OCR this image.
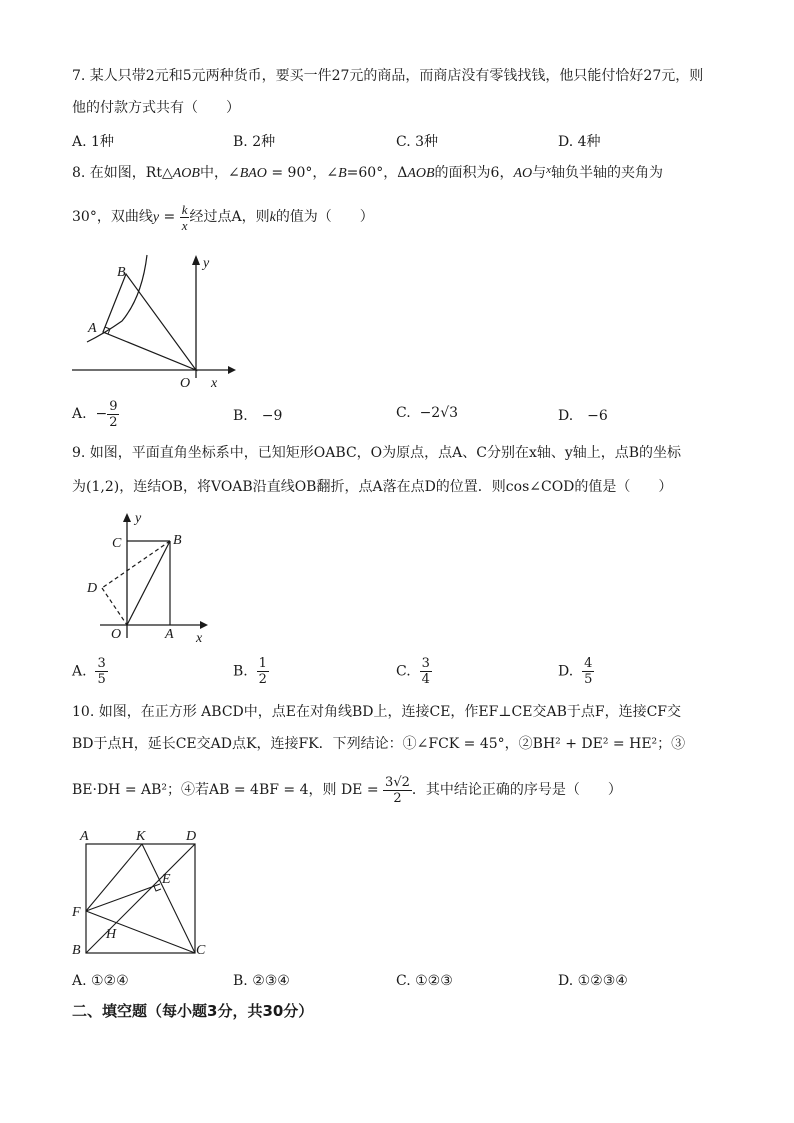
7. 某人只带2元和5元两种货币，要买一件27元的商品，而商店没有零钱找钱，他只能付恰好27元，则
他的付款方式共有（　　）
A. 1种	B. 2种	C. 3种	D. 4种
8. 在如图，Rt△AOB中，∠BAO = 90°，∠B=60°，ΔAOB的面积为6，AO与$^x$轴负半轴的夹角为
30°，双曲线$y = \frac{k}{x}$ 经过点A，则k的值为（　　）
B
A
y
O x
A. − $\frac{9}{2}$	B.　−9	C. −2√3	D.　−6
9. 如图，平面直角坐标系中，已知矩形OABC，O为原点，点A、C分别在x轴、y轴上，点B的坐标
为(1,2)，连结OB，将VOAB沿直线OB翻折，点A落在点D的位置．则cos∠COD的值是（　　）
y
C	B
D
O	A x
A. $\frac{3}{5}$	B. $\frac{1}{2}$	C. $\frac{3}{4}$	D. $\frac{4}{5}$
10. 如图，在正方形 ABCD中，点E在对角线BD上，连接CE，作EF⊥CE交AB于点F，连接CF交
BD于点H，延长CE交AD点K，连接FK．下列结论：①∠FCK = 45°，②BH² + DE² = HE²；③
BE·DH = AB²；④若AB = 4BF = 4，则 DE = $\frac{3√2}{2}$ ．其中结论正确的序号是（　　）
A	K	D
E
F
H
B	C
A. ①②④	B. ②③④	C. ①②③	D. ①②③④
二、填空题（每小题3分，共30分）
